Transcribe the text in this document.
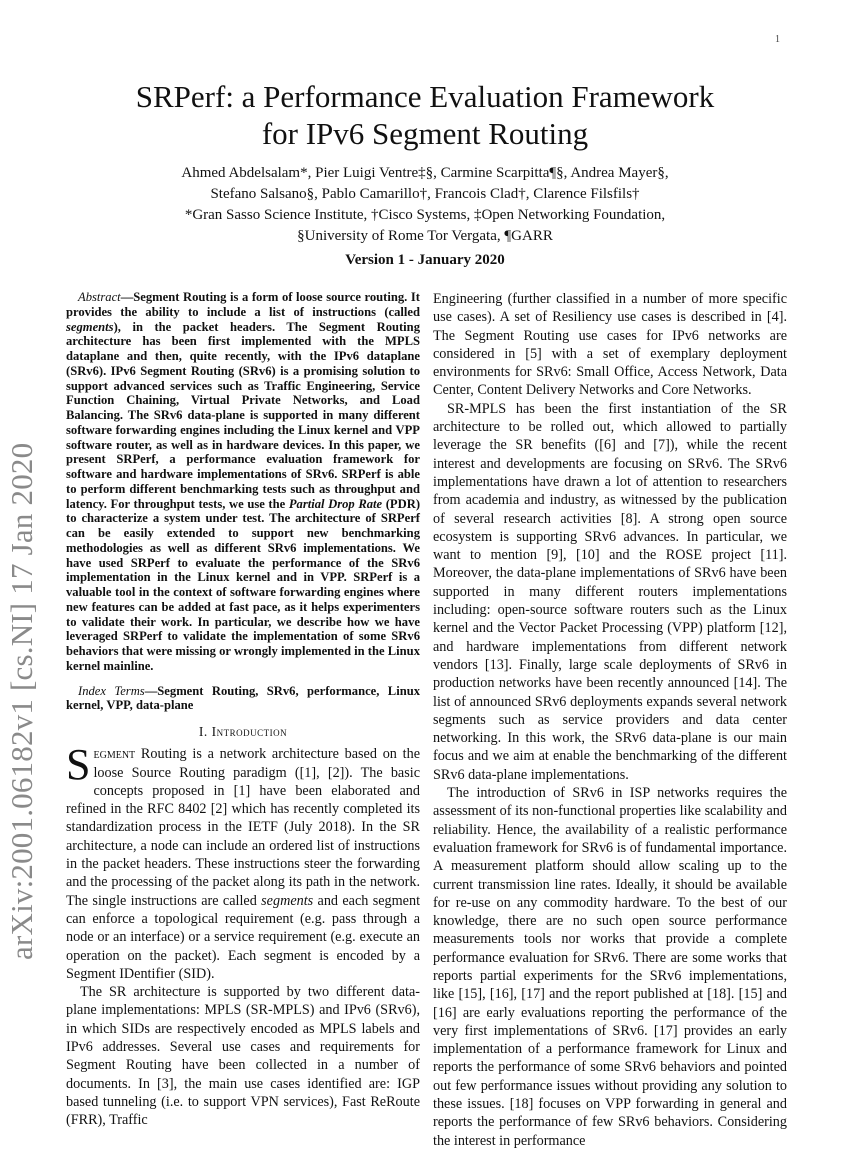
1
arXiv:2001.06182v1 [cs.NI] 17 Jan 2020
SRPerf: a Performance Evaluation Framework
for IPv6 Segment Routing
Ahmed Abdelsalam*, Pier Luigi Ventre‡§, Carmine Scarpitta¶§, Andrea Mayer§,
Stefano Salsano§, Pablo Camarillo†, Francois Clad†, Clarence Filsfils†
*Gran Sasso Science Institute, †Cisco Systems, ‡Open Networking Foundation,
§University of Rome Tor Vergata, ¶GARR
Version 1 - January 2020

Abstract—Segment Routing is a form of loose source routing. It provides the ability to include a list of instructions (called segments), in the packet headers. The Segment Routing architecture has been first implemented with the MPLS dataplane and then, quite recently, with the IPv6 dataplane (SRv6). IPv6 Segment Routing (SRv6) is a promising solution to support advanced services such as Traffic Engineering, Service Function Chaining, Virtual Private Networks, and Load Balancing. The SRv6 data-plane is supported in many different software forwarding engines including the Linux kernel and VPP software router, as well as in hardware devices. In this paper, we present SRPerf, a performance evaluation framework for software and hardware implementations of SRv6. SRPerf is able to perform different benchmarking tests such as throughput and latency. For throughput tests, we use the Partial Drop Rate (PDR) to characterize a system under test. The architecture of SRPerf can be easily extended to support new benchmarking methodologies as well as different SRv6 implementations. We have used SRPerf to evaluate the performance of the SRv6 implementation in the Linux kernel and in VPP. SRPerf is a valuable tool in the context of software forwarding engines where new features can be added at fast pace, as it helps experimenters to validate their work. In particular, we describe how we have leveraged SRPerf to validate the implementation of some SRv6 behaviors that were missing or wrongly implemented in the Linux kernel mainline.

Index Terms—Segment Routing, SRv6, performance, Linux kernel, VPP, data-plane

I. Introduction

Segment Routing is a network architecture based on the loose Source Routing paradigm ([1], [2]). The basic concepts proposed in [1] have been elaborated and refined in the RFC 8402 [2] which has recently completed its standardization process in the IETF (July 2018). In the SR architecture, a node can include an ordered list of instructions in the packet headers. These instructions steer the forwarding and the processing of the packet along its path in the network. The single instructions are called segments and each segment can enforce a topological requirement (e.g. pass through a node or an interface) or a service requirement (e.g. execute an operation on the packet). Each segment is encoded by a Segment IDentifier (SID).

The SR architecture is supported by two different data-plane implementations: MPLS (SR-MPLS) and IPv6 (SRv6), in which SIDs are respectively encoded as MPLS labels and IPv6 addresses. Several use cases and requirements for Segment Routing have been collected in a number of documents. In [3], the main use cases identified are: IGP based tunneling (i.e. to support VPN services), Fast ReRoute (FRR), Traffic

Engineering (further classified in a number of more specific use cases). A set of Resiliency use cases is described in [4]. The Segment Routing use cases for IPv6 networks are considered in [5] with a set of exemplary deployment environments for SRv6: Small Office, Access Network, Data Center, Content Delivery Networks and Core Networks.

SR-MPLS has been the first instantiation of the SR architecture to be rolled out, which allowed to partially leverage the SR benefits ([6] and [7]), while the recent interest and developments are focusing on SRv6. The SRv6 implementations have drawn a lot of attention to researchers from academia and industry, as witnessed by the publication of several research activities [8]. A strong open source ecosystem is supporting SRv6 advances. In particular, we want to mention [9], [10] and the ROSE project [11]. Moreover, the data-plane implementations of SRv6 have been supported in many different routers implementations including: open-source software routers such as the Linux kernel and the Vector Packet Processing (VPP) platform [12], and hardware implementations from different network vendors [13]. Finally, large scale deployments of SRv6 in production networks have been recently announced [14]. The list of announced SRv6 deployments expands several network segments such as service providers and data center networking. In this work, the SRv6 data-plane is our main focus and we aim at enable the benchmarking of the different SRv6 data-plane implementations.

The introduction of SRv6 in ISP networks requires the assessment of its non-functional properties like scalability and reliability. Hence, the availability of a realistic performance evaluation framework for SRv6 is of fundamental importance. A measurement platform should allow scaling up to the current transmission line rates. Ideally, it should be available for re-use on any commodity hardware. To the best of our knowledge, there are no such open source performance measurements tools nor works that provide a complete performance evaluation for SRv6. There are some works that reports partial experiments for the SRv6 implementations, like [15], [16], [17] and the report published at [18]. [15] and [16] are early evaluations reporting the performance of the very first implementations of SRv6. [17] provides an early implementation of a performance framework for Linux and reports the performance of some SRv6 behaviors and pointed out few performance issues without providing any solution to these issues. [18] focuses on VPP forwarding in general and reports the performance of few SRv6 behaviors. Considering the interest in performance
